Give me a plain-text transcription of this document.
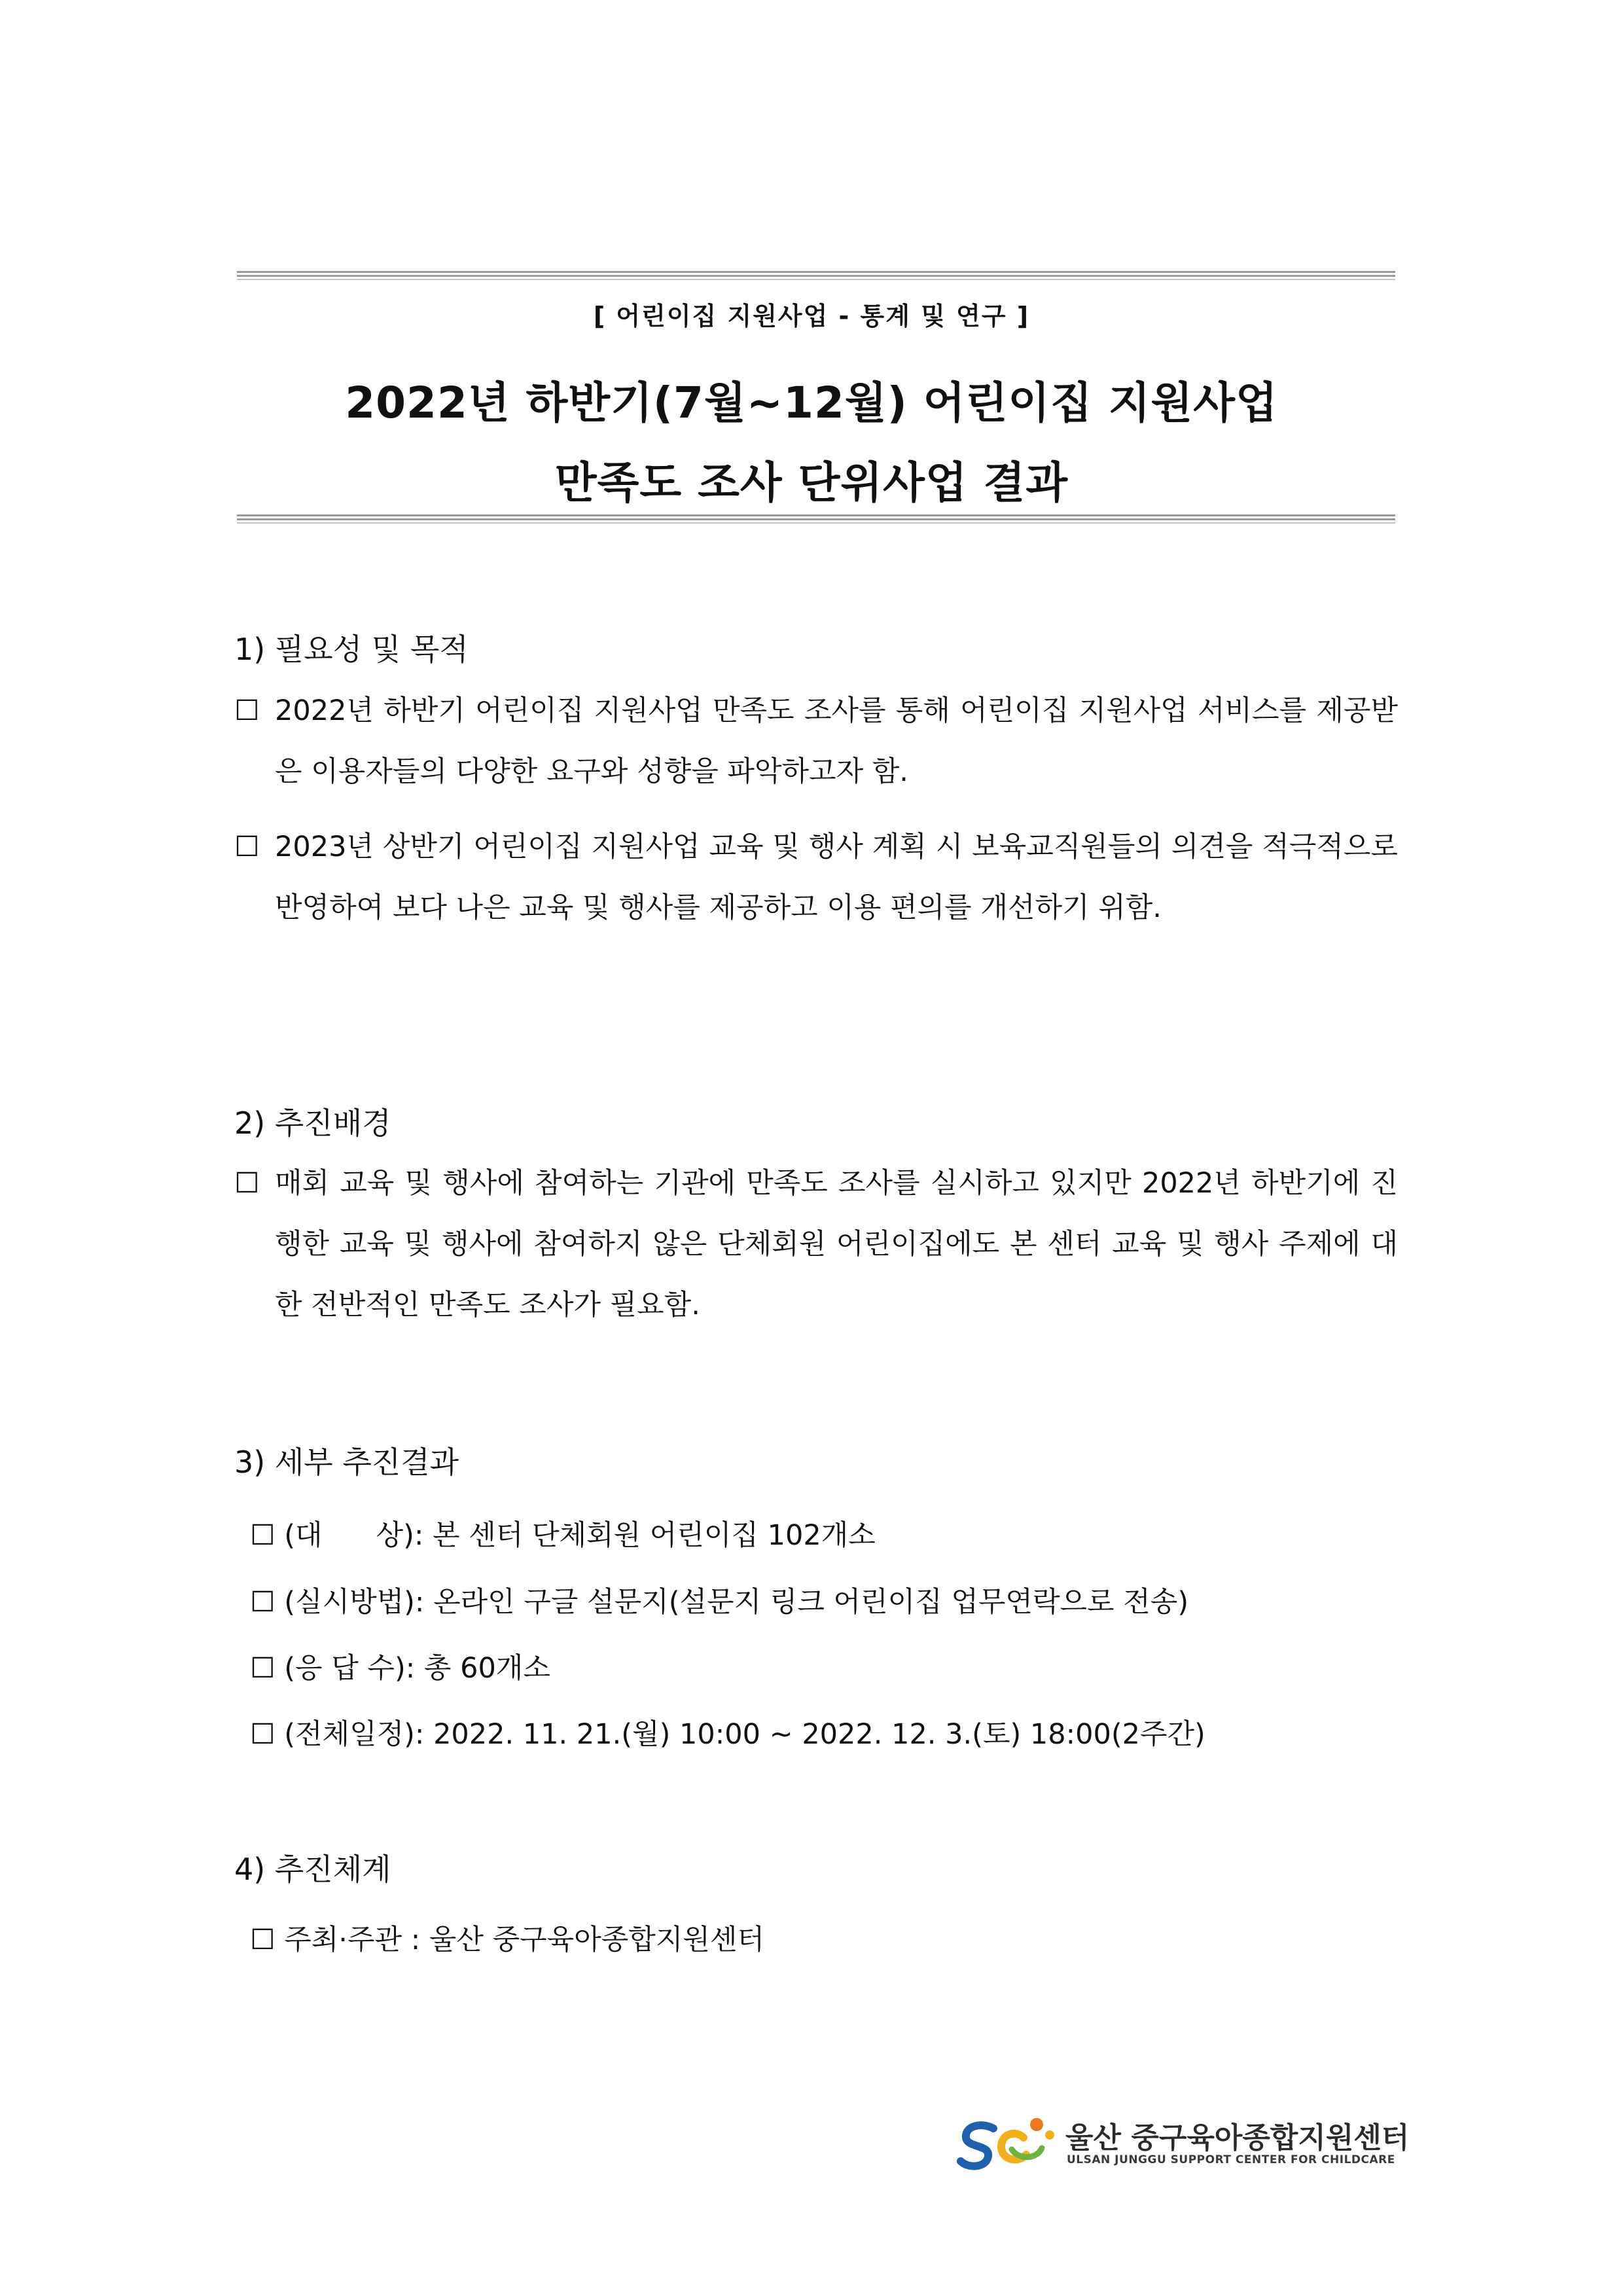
[ 어린이집 지원사업 - 통계 및 연구 ]
2022년 하반기(7월~12월) 어린이집 지원사업
만족도 조사 단위사업 결과
1) 필요성 및 목적
☐ 2022년 하반기 어린이집 지원사업 만족도 조사를 통해 어린이집 지원사업 서비스를 제공받은 이용자들의 다양한 요구와 성향을 파악하고자 함.
☐ 2023년 상반기 어린이집 지원사업 교육 및 행사 계획 시 보육교직원들의 의견을 적극적으로 반영하여 보다 나은 교육 및 행사를 제공하고 이용 편의를 개선하기 위함.
2) 추진배경
☐ 매회 교육 및 행사에 참여하는 기관에 만족도 조사를 실시하고 있지만 2022년 하반기에 진행한 교육 및 행사에 참여하지 않은 단체회원 어린이집에도 본 센터 교육 및 행사 주제에 대한 전반적인 만족도 조사가 필요함.
3) 세부 추진결과
☐ (대      상): 본 센터 단체회원 어린이집 102개소
☐ (실시방법): 온라인 구글 설문지(설문지 링크 어린이집 업무연락으로 전송)
☐ (응 답 수): 총 60개소
☐ (전체일정): 2022. 11. 21.(월) 10:00 ~ 2022. 12. 3.(토) 18:00(2주간)
4) 추진체계
☐ 주최·주관 : 울산 중구육아종합지원센터
울산 중구육아종합지원센터
ULSAN JUNGGU SUPPORT CENTER FOR CHILDCARE
